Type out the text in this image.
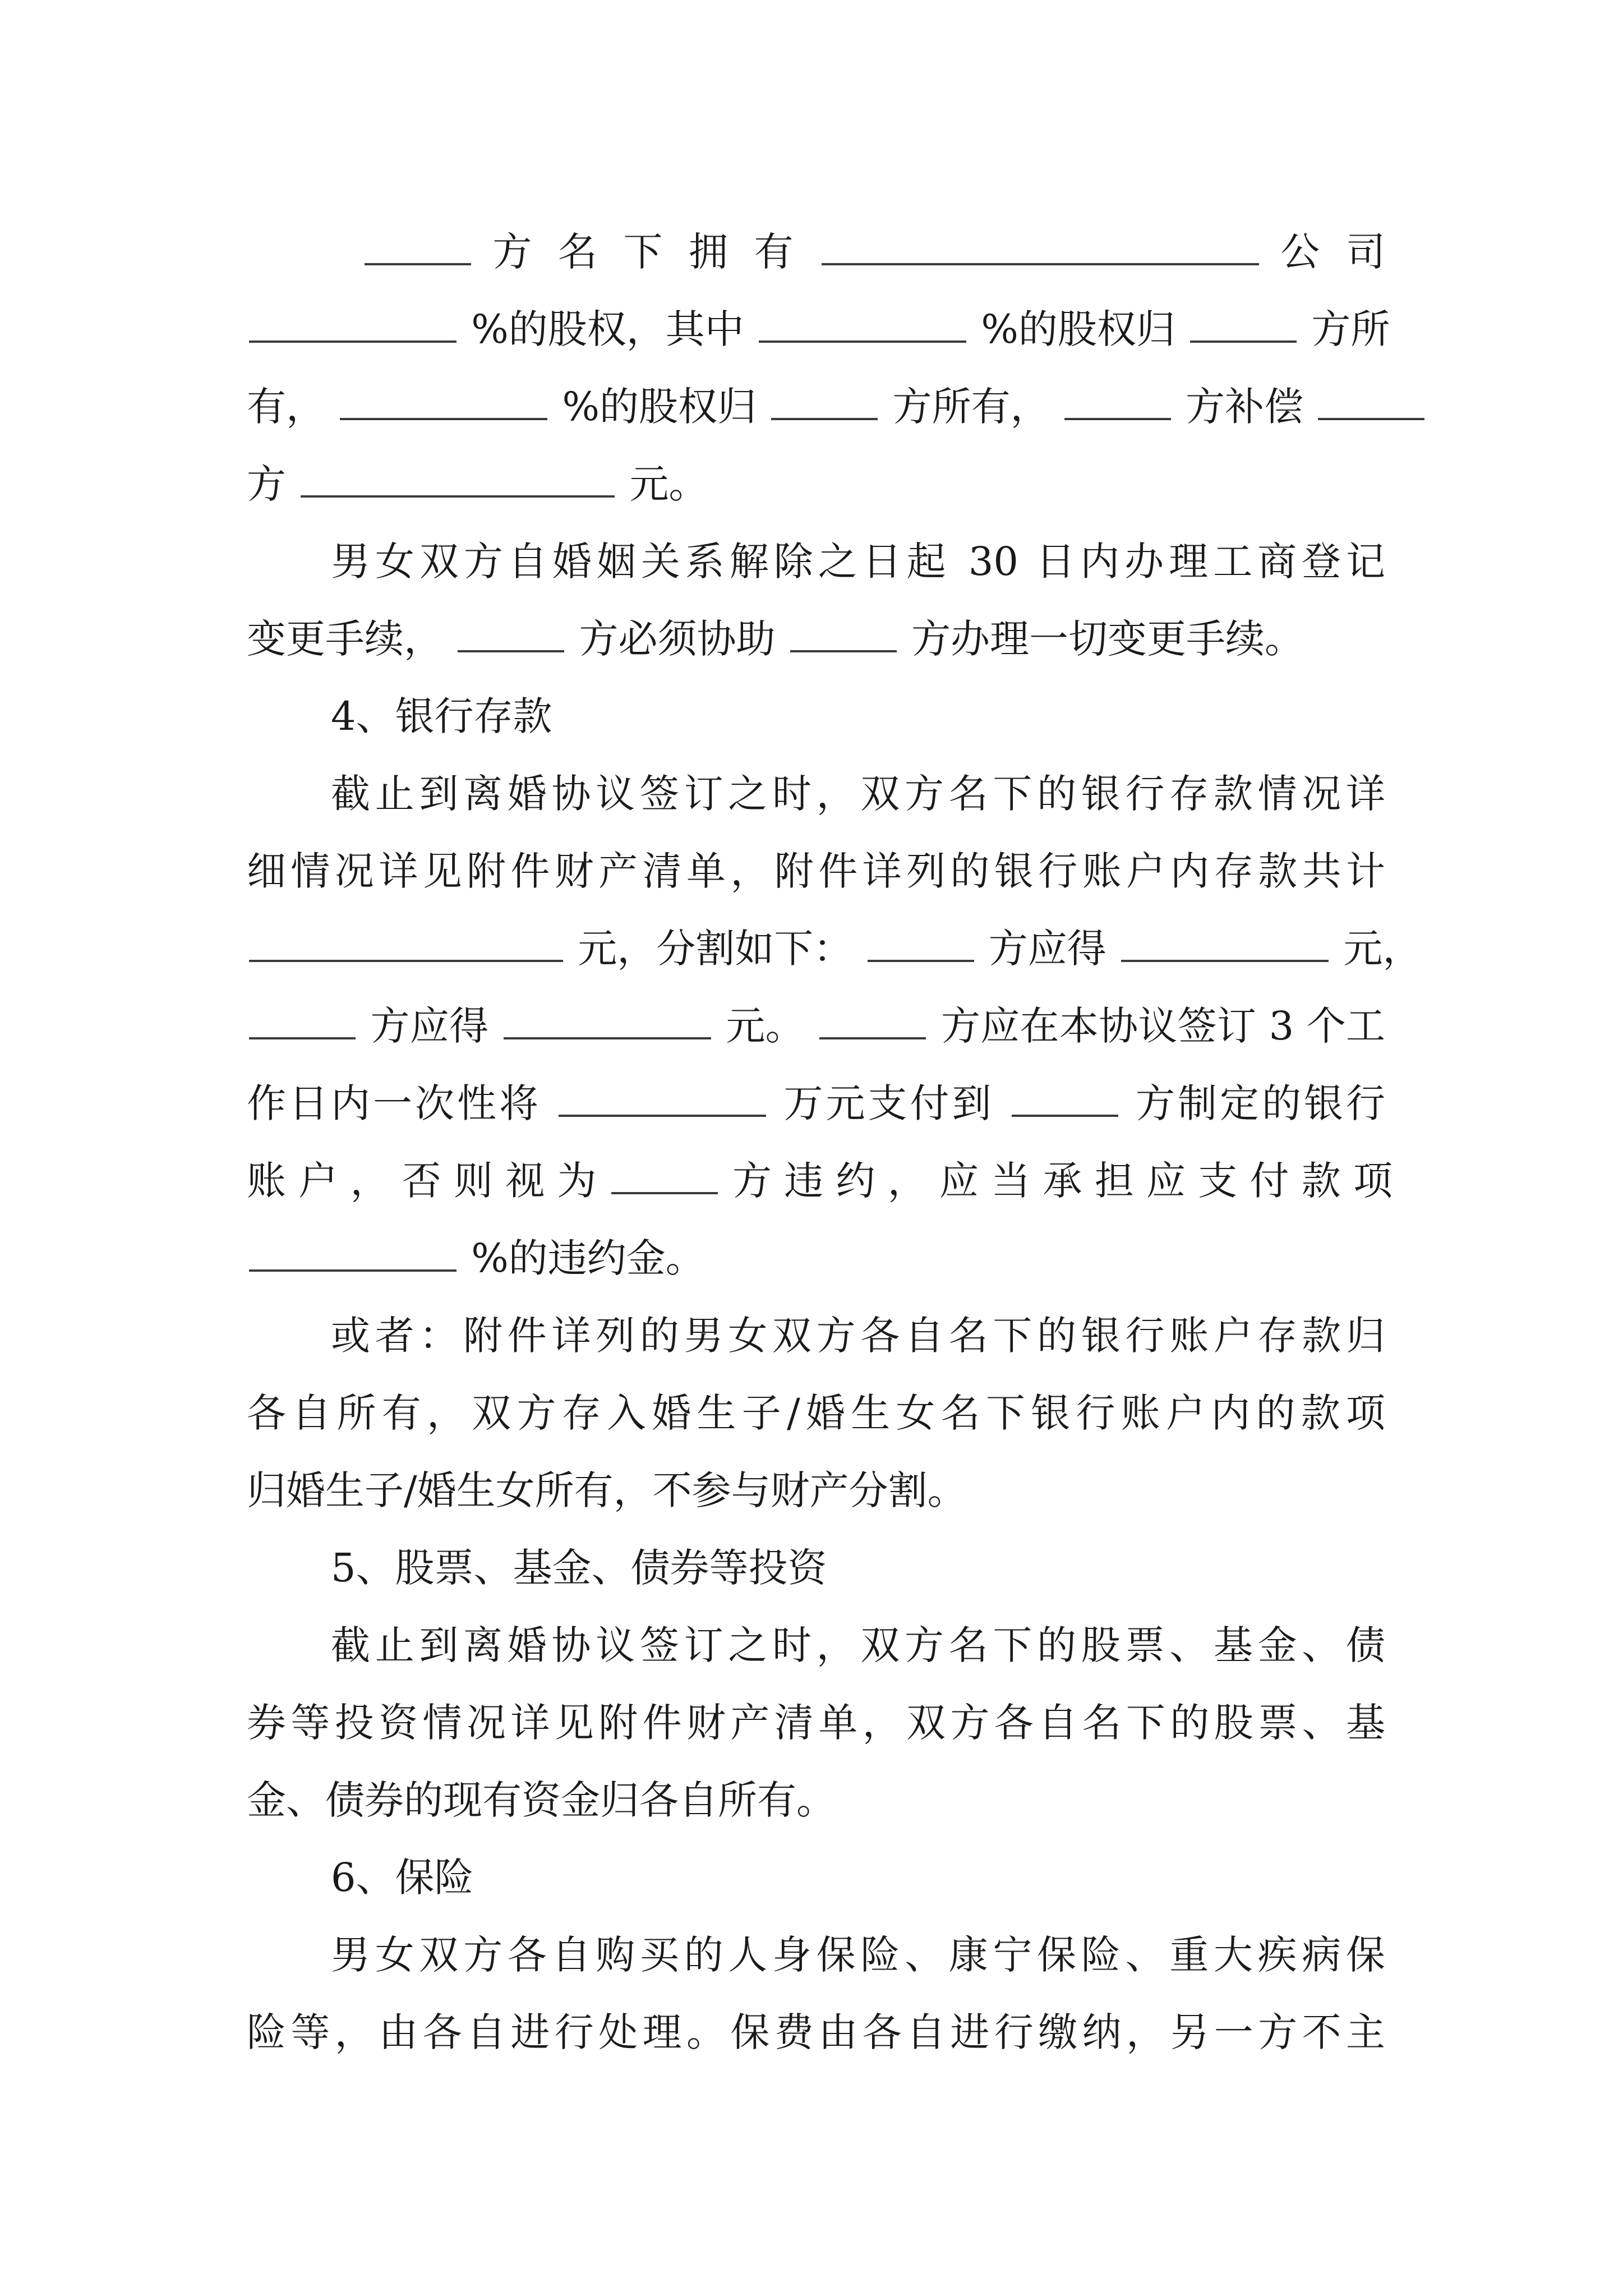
方 名 下 拥 有	公 司
%的股权，其中	%的股权归	方所
有，	%的股权归	方所有，	方补偿
方	元。
男女双方自婚姻关系解除之日起 30 日内办理工商登记
变更手续，	方必须协助	方办理一切变更手续。
4、银行存款
截止到离婚协议签订之时，双方名下的银行存款情况详
细情况详见附件财产清单，附件详列的银行账户内存款共计
元，分割如下：	方应得	元，
方应得	元。	方应在本协议签订 3 个工
作日内一次性将	万元支付到	方制定的银行
账 户 ， 否 则 视 为	方 违 约 ， 应 当 承 担 应 支 付 款 项
%的违约金。
或者：附件详列的男女双方各自名下的银行账户存款归
各自所有，双方存入婚生子/婚生女名下银行账户内的款项
归婚生子/婚生女所有，不参与财产分割。
5、股票、基金、债券等投资
截止到离婚协议签订之时，双方名下的股票、基金、债
券等投资情况详见附件财产清单，双方各自名下的股票、基
金、债券的现有资金归各自所有。
6、保险
男女双方各自购买的人身保险、康宁保险、重大疾病保
险等，由各自进行处理。保费由各自进行缴纳，另一方不主
